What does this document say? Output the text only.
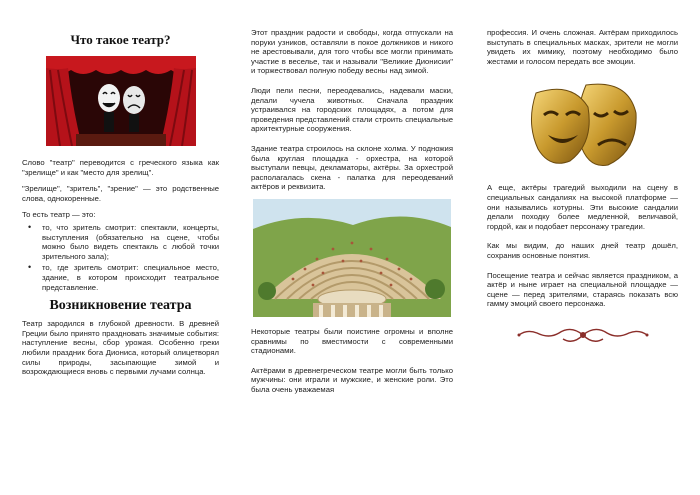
Что такое театр?

Слово "театр" переводится с греческого языка как "зрелище" и как "место для зрелищ".

"Зрелище", "зритель", "зрение" — это родственные слова, однокоренные.

То есть театр — это:

• то, что зритель смотрит: спектакли, концерты, выступления (обязательно на сцене, чтобы можно было видеть спектакль с любой точки зрительного зала);
• то, где зритель смотрит: специальное место, здание, в котором происходит театральное представление.
Возникновение театра

Театр зародился в глубокой древности. В древней Греции было принято праздновать значимые события: наступление весны, сбор урожая. Особенно греки любили праздник бога Диониса, который олицетворял силы природы, засыпающие зимой и возрождающиеся вновь с первыми лучами солнца.

Этот праздник радости и свободы, когда отпускали на поруки узников, оставляли в покое должников и никого не арестовывали, для того чтобы все могли принимать участие в веселье, так и называли "Великие Дионисии" и торжествовал полную победу весны над зимой.

Люди пели песни, переодевались, надевали маски, делали чучела животных. Сначала праздник устраивался на городских площадях, а потом для проведения представлений стали строить специальные архитектурные сооружения.

Здание театра строилось на склоне холма. У подножия была круглая площадка - орхестра, на которой выступали певцы, декламаторы, актёры. За орхестрой располагалась скена - палатка для переодеваний актёров и реквизита.

Некоторые театры были поистине огромны и вполне сравнимы по вместимости с современными стадионами.

Актёрами в древнегреческом театре могли быть только мужчины: они играли и мужские, и женские роли. Это была очень уважаемая

профессия. И очень сложная. Актёрам приходилось выступать в специальных масках, зрители не могли увидеть их мимику, поэтому необходимо было жестами и голосом передать все эмоции.

А еще, актёры трагедий выходили на сцену в специальных сандалиях на высокой платформе — они назывались котурны. Эти высокие сандалии делали походку более медленной, величавой, гордой, как и подобает персонажу трагедии.

Как мы видим, до наших дней театр дошёл, сохранив основные понятия.

Посещение театра и сейчас является праздником, а актёр и ныне играет на специальной площадке — сцене — перед зрителями, стараясь показать всю гамму эмоций своего персонажа.
